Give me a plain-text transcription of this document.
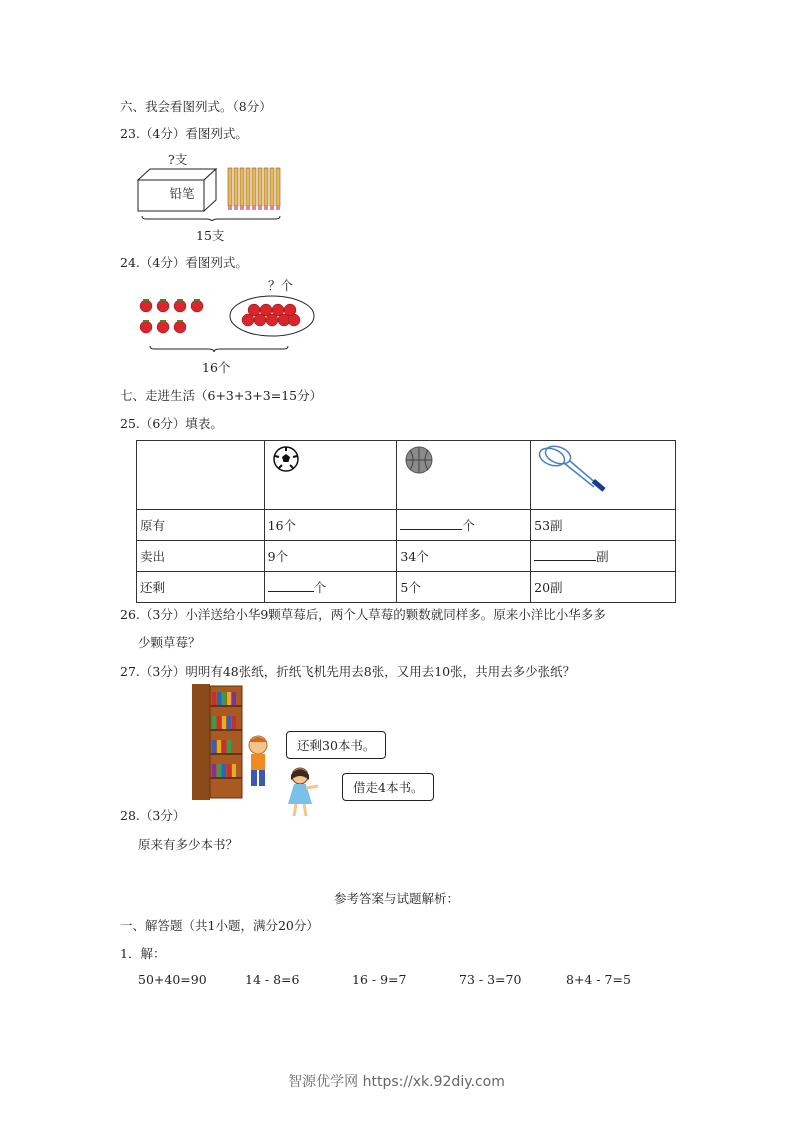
六、我会看图列式。（8分）
23.（4分）看图列式。
?支
铅笔
15支
24.（4分）看图列式。
？个
16个
七、走进生活（6+3+3+3=15分）
25.（6分）填表。

原有	16个	个	53副
卖出	9个	34个	副
还剩	个	5个	20副
26.（3分）小洋送给小华9颗草莓后，两个人草莓的颗数就同样多。原来小洋比小华多多
少颗草莓？
27.（3分）明明有48张纸，折纸飞机先用去8张，又用去10张，共用去多少张纸？
还剩30本书。
借走4本书。
28.（3分）
原来有多少本书？
参考答案与试题解析：
一、解答题（共1小题，满分20分）
1．解：
50+40=90	14 - 8=6	16 - 9=7	73 - 3=70	8+4 - 7=5
智源优学网 https://xk.92diy.com
